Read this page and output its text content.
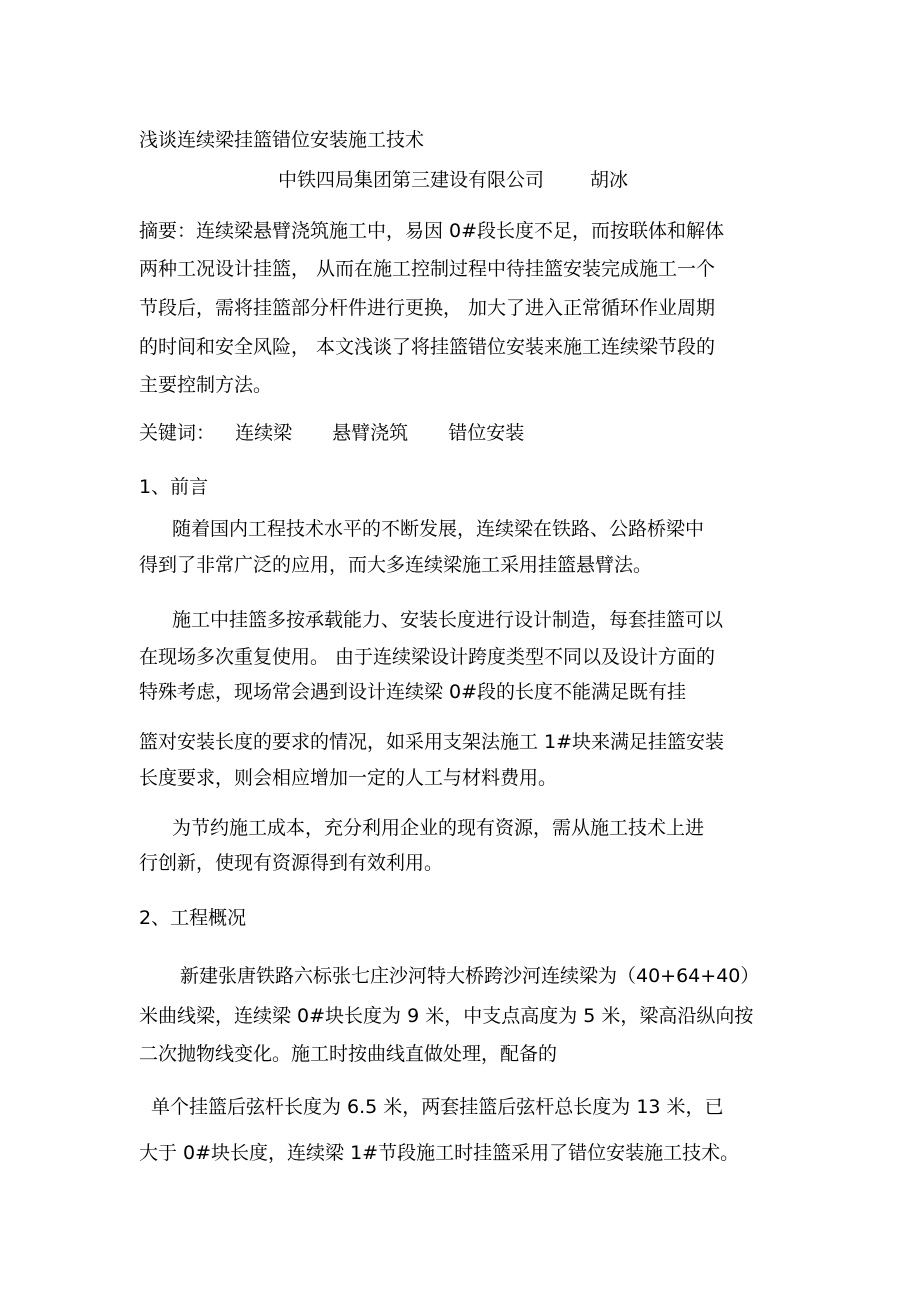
浅谈连续梁挂篮错位安装施工技术
中铁四局集团第三建设有限公司 胡冰

摘要：连续梁悬臂浇筑施工中，易因 0#段长度不足，而按联体和解体

两种工况设计挂篮， 从而在施工控制过程中待挂篮安装完成施工一个

节段后，需将挂篮部分杆件进行更换， 加大了进入正常循环作业周期

的时间和安全风险， 本文浅谈了将挂篮错位安装来施工连续梁节段的

主要控制方法。

关键词： 连续梁 悬臂浇筑 错位安装
1、前言

随着国内工程技术水平的不断发展，连续梁在铁路、公路桥梁中

得到了非常广泛的应用，而大多连续梁施工采用挂篮悬臂法。

施工中挂篮多按承载能力、安装长度进行设计制造，每套挂篮可以

在现场多次重复使用。 由于连续梁设计跨度类型不同以及设计方面的

特殊考虑，现场常会遇到设计连续梁 0#段的长度不能满足既有挂

篮对安装长度的要求的情况，如采用支架法施工 1#块来满足挂篮安装

长度要求，则会相应增加一定的人工与材料费用。

为节约施工成本，充分利用企业的现有资源，需从施工技术上进

行创新，使现有资源得到有效利用。

2、工程概况

新建张唐铁路六标张七庄沙河特大桥跨沙河连续梁为（40+64+40）

米曲线梁，连续梁 0#块长度为 9 米，中支点高度为 5 米，梁高沿纵向按

二次抛物线变化。施工时按曲线直做处理，配备的

单个挂篮后弦杆长度为 6.5 米，两套挂篮后弦杆总长度为 13 米，已

大于 0#块长度，连续梁 1#节段施工时挂篮采用了错位安装施工技术。
